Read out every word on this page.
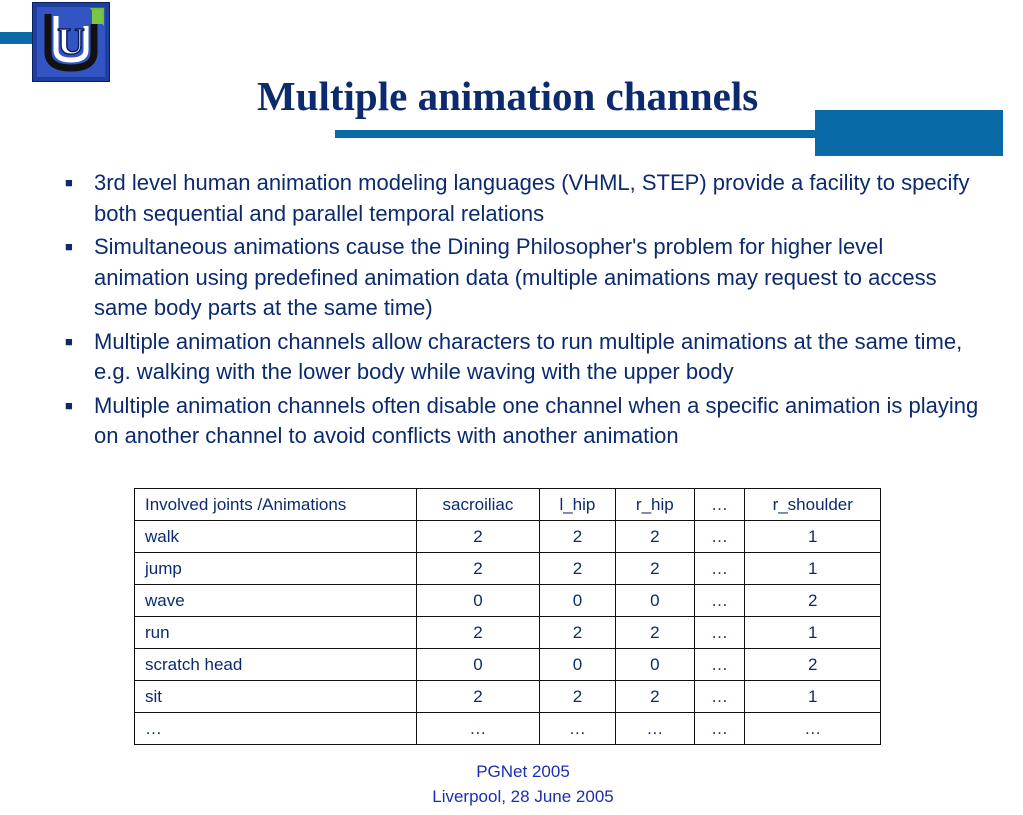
U
Multiple animation channels
■ 3rd level human animation modeling languages (VHML, STEP) provide a facility to specify both sequential and parallel temporal relations
■ Simultaneous animations cause the Dining Philosopher's problem for higher level animation using predefined animation data (multiple animations may request to access same body parts at the same time)
■ Multiple animation channels allow characters to run multiple animations at the same time, e.g. walking with the lower body while waving with the upper body
■ Multiple animation channels often disable one channel when a specific animation is playing on another channel to avoid conflicts with another animation
Involved joints /Animations	sacroiliac	l_hip	r_hip	…	r_shoulder
walk	2	2	2	…	1
jump	2	2	2	…	1
wave	0	0	0	…	2
run	2	2	2	…	1
scratch head	0	0	0	…	2
sit	2	2	2	…	1
…	…	…	…	…	…
PGNet 2005
Liverpool, 28 June 2005
